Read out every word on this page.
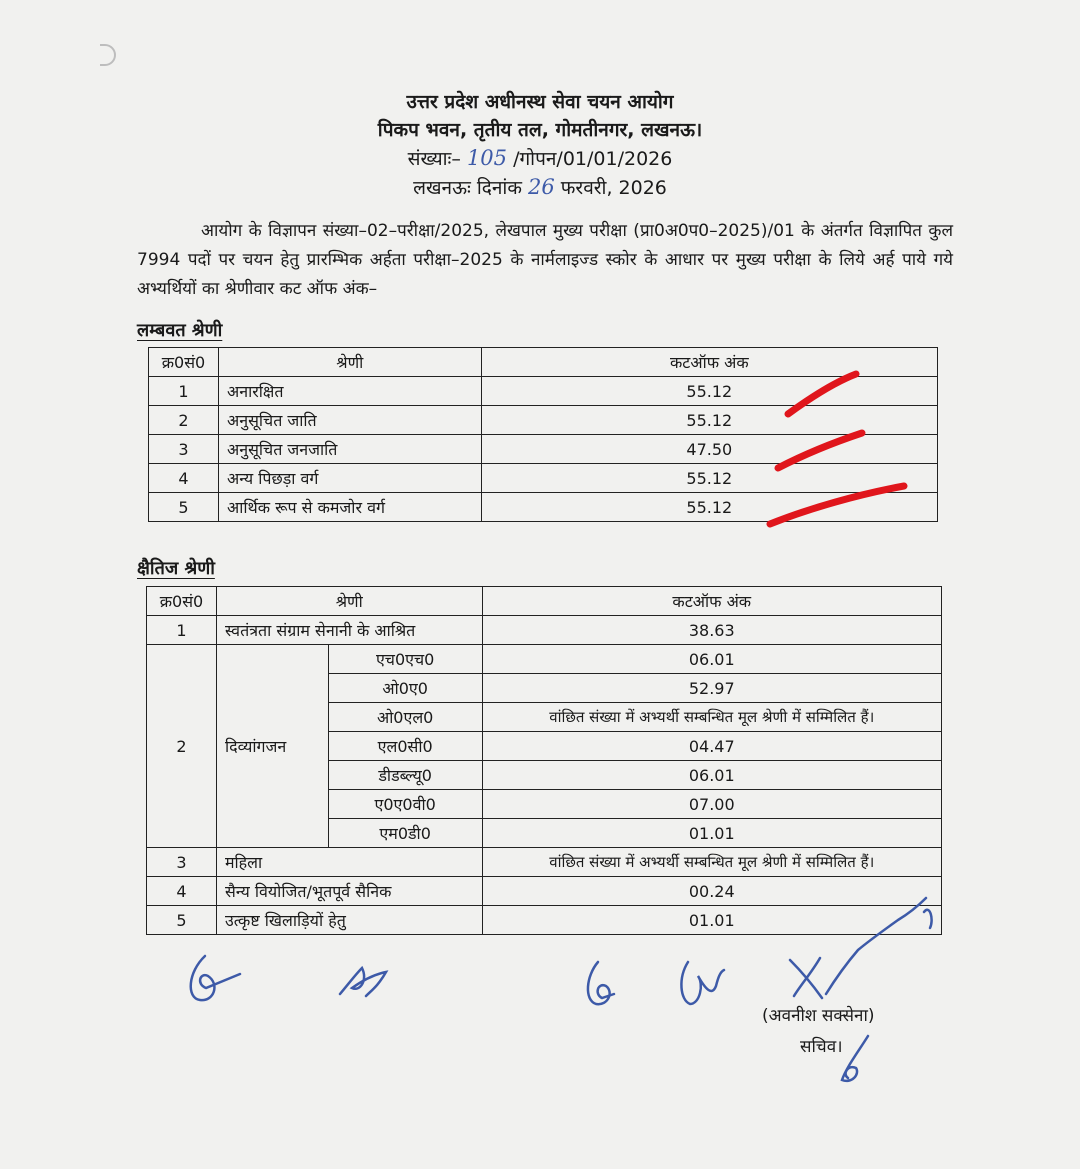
उत्तर प्रदेश अधीनस्थ सेवा चयन आयोग
पिकप भवन, तृतीय तल, गोमतीनगर, लखनऊ।
संख्याः– 105 /गोपन/01/01/2026
लखनऊः दिनांक 26 फरवरी, 2026
आयोग के विज्ञापन संख्या–02–परीक्षा/2025, लेखपाल मुख्य परीक्षा (प्रा0अ0प0–2025)/01 के अंतर्गत विज्ञापित कुल 7994 पदों पर चयन हेतु प्रारम्भिक अर्हता परीक्षा–2025 के नार्मलाइज्ड स्कोर के आधार पर मुख्य परीक्षा के लिये अर्ह पाये गये अभ्यर्थियों का श्रेणीवार कट ऑफ अंक–
लम्बवत श्रेणी
क्र0सं0	श्रेणी	कटऑफ अंक
1	अनारक्षित	55.12
2	अनुसूचित जाति	55.12
3	अनुसूचित जनजाति	47.50
4	अन्य पिछड़ा वर्ग	55.12
5	आर्थिक रूप से कमजोर वर्ग	55.12
क्षैतिज श्रेणी
क्र0सं0	श्रेणी		कटऑफ अंक
1	स्वतंत्रता संग्राम सेनानी के आश्रित		38.63
2	दिव्यांगजन	एच0एच0	06.01
		ओ0ए0	52.97
		ओ0एल0	वांछित संख्या में अभ्यर्थी सम्बन्धित मूल श्रेणी में सम्मिलित हैं।
		एल0सी0	04.47
		डीडब्ल्यू0	06.01
		ए0ए0वी0	07.00
		एम0डी0	01.01
3	महिला		वांछित संख्या में अभ्यर्थी सम्बन्धित मूल श्रेणी में सम्मिलित हैं।
4	सैन्य वियोजित/भूतपूर्व सैनिक		00.24
5	उत्कृष्ट खिलाड़ियों हेतु		01.01
(अवनीश सक्सेना)
सचिव।
